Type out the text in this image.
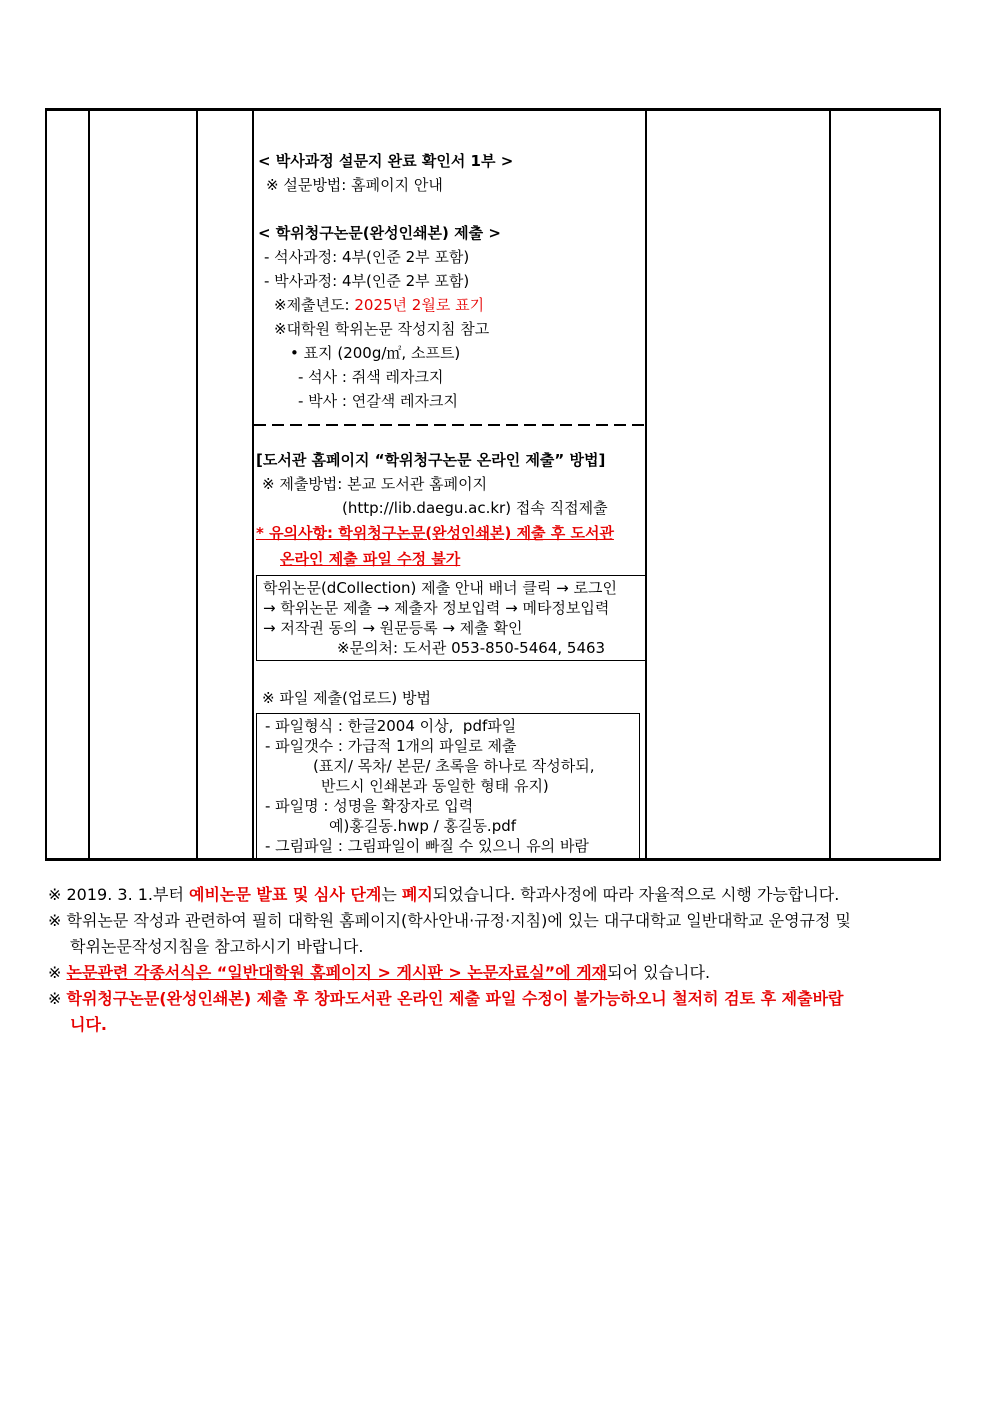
< 박사과정 설문지 완료 확인서 1부 >
※ 설문방법: 홈페이지 안내
< 학위청구논문(완성인쇄본) 제출 >
- 석사과정: 4부(인준 2부 포함)
- 박사과정: 4부(인준 2부 포함)
※제출년도: 2025년 2월로 표기
※대학원 학위논문 작성지침 참고
• 표지 (200g/㎡, 소프트)
- 석사 : 쥐색 레자크지
- 박사 : 연갈색 레자크지
[도서관 홈페이지 “학위청구논문 온라인 제출” 방법]
※ 제출방법: 본교 도서관 홈페이지
(http://lib.daegu.ac.kr) 접속 직접제출
* 유의사항: 학위청구논문(완성인쇄본) 제출 후 도서관
온라인 제출 파일 수정 불가
학위논문(dCollection) 제출 안내 배너 클릭 → 로그인
→ 학위논문 제출 → 제출자 정보입력 → 메타정보입력
→ 저작권 동의 → 원문등록 → 제출 확인
※문의처: 도서관 053-850-5464, 5463
※ 파일 제출(업로드) 방법
- 파일형식 : 한글2004 이상,  pdf파일
- 파일갯수 : 가급적 1개의 파일로 제출
(표지/ 목차/ 본문/ 초록을 하나로 작성하되,
반드시 인쇄본과 동일한 형태 유지)
- 파일명 : 성명을 확장자로 입력
예)홍길동.hwp / 홍길동.pdf
- 그림파일 : 그림파일이 빠질 수 있으니 유의 바람
※ 2019. 3. 1.부터 예비논문 발표 및 심사 단계는 폐지되었습니다. 학과사정에 따라 자율적으로 시행 가능합니다.
※ 학위논문 작성과 관련하여 필히 대학원 홈페이지(학사안내·규정·지침)에 있는 대구대학교 일반대학교 운영규정 및
학위논문작성지침을 참고하시기 바랍니다.
※ 논문관련 각종서식은 “일반대학원 홈페이지 > 게시판 > 논문자료실”에 게재되어 있습니다.
※ 학위청구논문(완성인쇄본) 제출 후 창파도서관 온라인 제출 파일 수정이 불가능하오니 철저히 검토 후 제출바랍
니다.
